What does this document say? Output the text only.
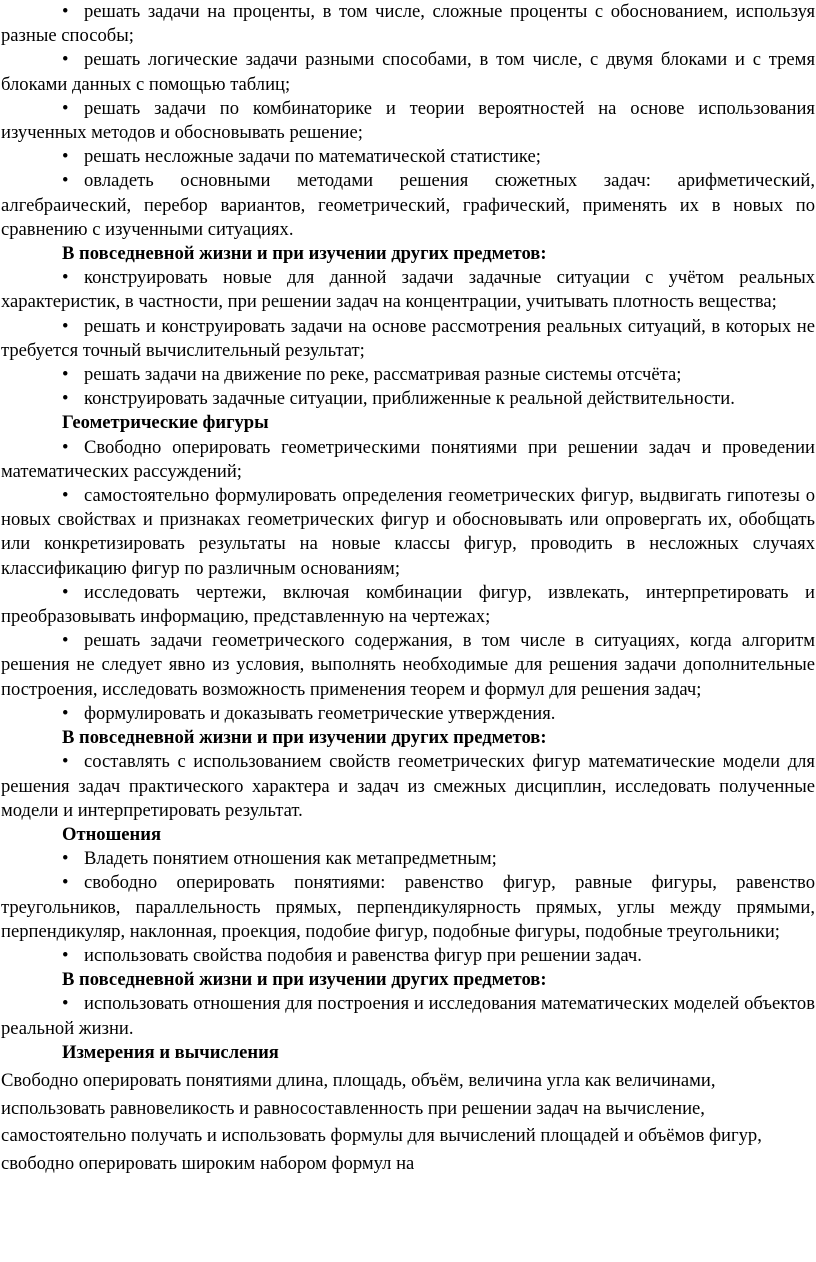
• решать задачи на проценты, в том числе, сложные проценты с обоснованием, используя разные способы;

• решать логические задачи разными способами, в том числе, с двумя блоками и с тремя блоками данных с помощью таблиц;

• решать задачи по комбинаторике и теории вероятностей на основе использования изученных методов и обосновывать решение;

• решать несложные задачи по математической статистике;

• овладеть основными методами решения сюжетных задач: арифметический, алгебраический, перебор вариантов, геометрический, графический, применять их в новых по сравнению с изученными ситуациях.

В повседневной жизни и при изучении других предметов:

• конструировать новые для данной задачи задачные ситуации с учётом реальных характеристик, в частности, при решении задач на концентрации, учитывать плотность вещества;

• решать и конструировать задачи на основе рассмотрения реальных ситуаций, в которых не требуется точный вычислительный результат;

• решать задачи на движение по реке, рассматривая разные системы отсчёта;

• конструировать задачные ситуации, приближенные к реальной действительности.

Геометрические фигуры

• Свободно оперировать геометрическими понятиями при решении задач и проведении математических рассуждений;

• самостоятельно формулировать определения геометрических фигур, выдвигать гипотезы о новых свойствах и признаках геометрических фигур и обосновывать или опровергать их, обобщать или конкретизировать результаты на новые классы фигур, проводить в несложных случаях классификацию фигур по различным основаниям;

• исследовать чертежи, включая комбинации фигур, извлекать, интерпретировать и преобразовывать информацию, представленную на чертежах;

• решать задачи геометрического содержания, в том числе в ситуациях, когда алгоритм решения не следует явно из условия, выполнять необходимые для решения задачи дополнительные построения, исследовать возможность применения теорем и формул для решения задач;

• формулировать и доказывать геометрические утверждения.

В повседневной жизни и при изучении других предметов:

• составлять с использованием свойств геометрических фигур математические модели для решения задач практического характера и задач из смежных дисциплин, исследовать полученные модели и интерпретировать результат.

Отношения

• Владеть понятием отношения как метапредметным;

• свободно оперировать понятиями: равенство фигур, равные фигуры, равенство треугольников, параллельность прямых, перпендикулярность прямых, углы между прямыми, перпендикуляр, наклонная, проекция, подобие фигур, подобные фигуры, подобные треугольники;

• использовать свойства подобия и равенства фигур при решении задач.

В повседневной жизни и при изучении других предметов:

• использовать отношения для построения и исследования математических моделей объектов реальной жизни.

Измерения и вычисления

Свободно оперировать понятиями длина, площадь, объём, величина угла как величинами, использовать равновеликость и равносоставленность при решении задач на вычисление, самостоятельно получать и использовать формулы для вычислений площадей и объёмов фигур, свободно оперировать широким набором формул на
